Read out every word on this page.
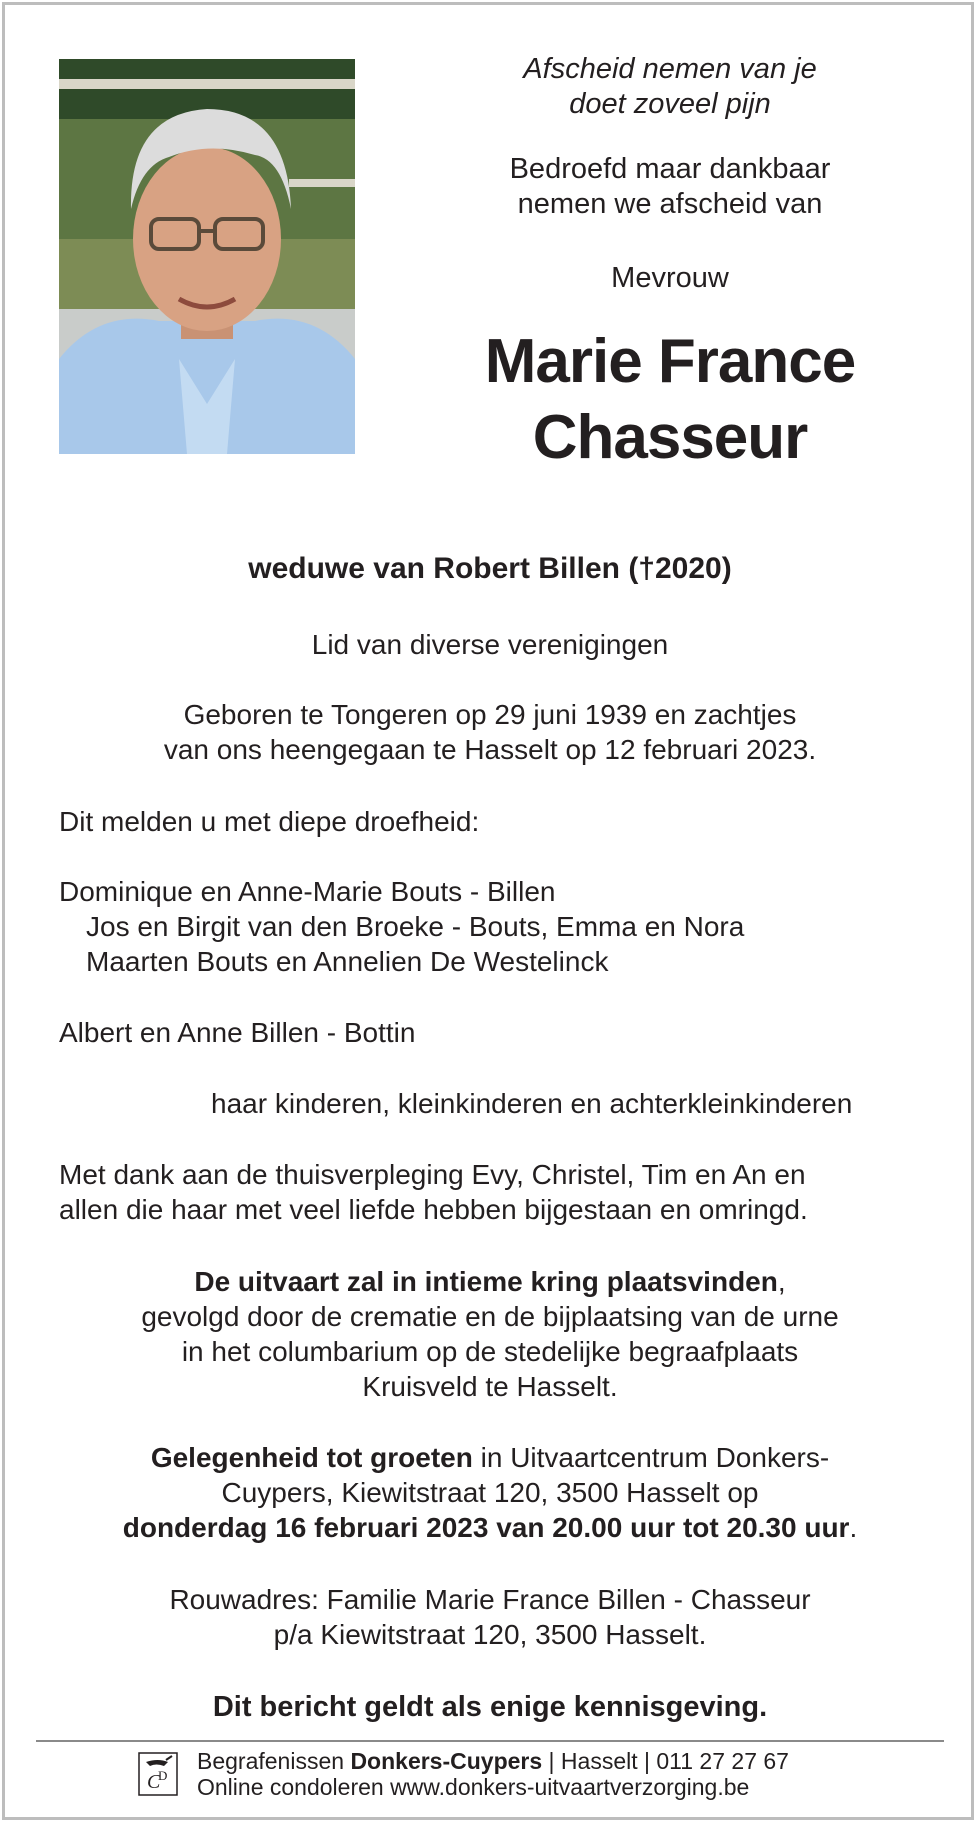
Afscheid nemen van je
doet zoveel pijn
Bedroefd maar dankbaar
nemen we afscheid van
Mevrouw
Marie France
Chasseur
weduwe van Robert Billen (†2020)
Lid van diverse verenigingen
Geboren te Tongeren op 29 juni 1939 en zachtjes
van ons heengegaan te Hasselt op 12 februari 2023.
Dit melden u met diepe droefheid:
Dominique en Anne-Marie Bouts - Billen
Jos en Birgit van den Broeke - Bouts, Emma en Nora
Maarten Bouts en Annelien De Westelinck
Albert en Anne Billen - Bottin
haar kinderen, kleinkinderen en achterkleinkinderen
Met dank aan de thuisverpleging Evy, Christel, Tim en An en
allen die haar met veel liefde hebben bijgestaan en omringd.
De uitvaart zal in intieme kring plaatsvinden,
gevolgd door de crematie en de bijplaatsing van de urne
in het columbarium op de stedelijke begraafplaats
Kruisveld te Hasselt.
Gelegenheid tot groeten in Uitvaartcentrum Donkers-
Cuypers, Kiewitstraat 120, 3500 Hasselt op
donderdag 16 februari 2023 van 20.00 uur tot 20.30 uur.
Rouwadres: Familie Marie France Billen - Chasseur
p/a Kiewitstraat 120, 3500 Hasselt.
Dit bericht geldt als enige kennisgeving.
C
D
Begrafenissen Donkers-Cuypers | Hasselt | 011 27 27 67
Online condoleren www.donkers-uitvaartverzorging.be
